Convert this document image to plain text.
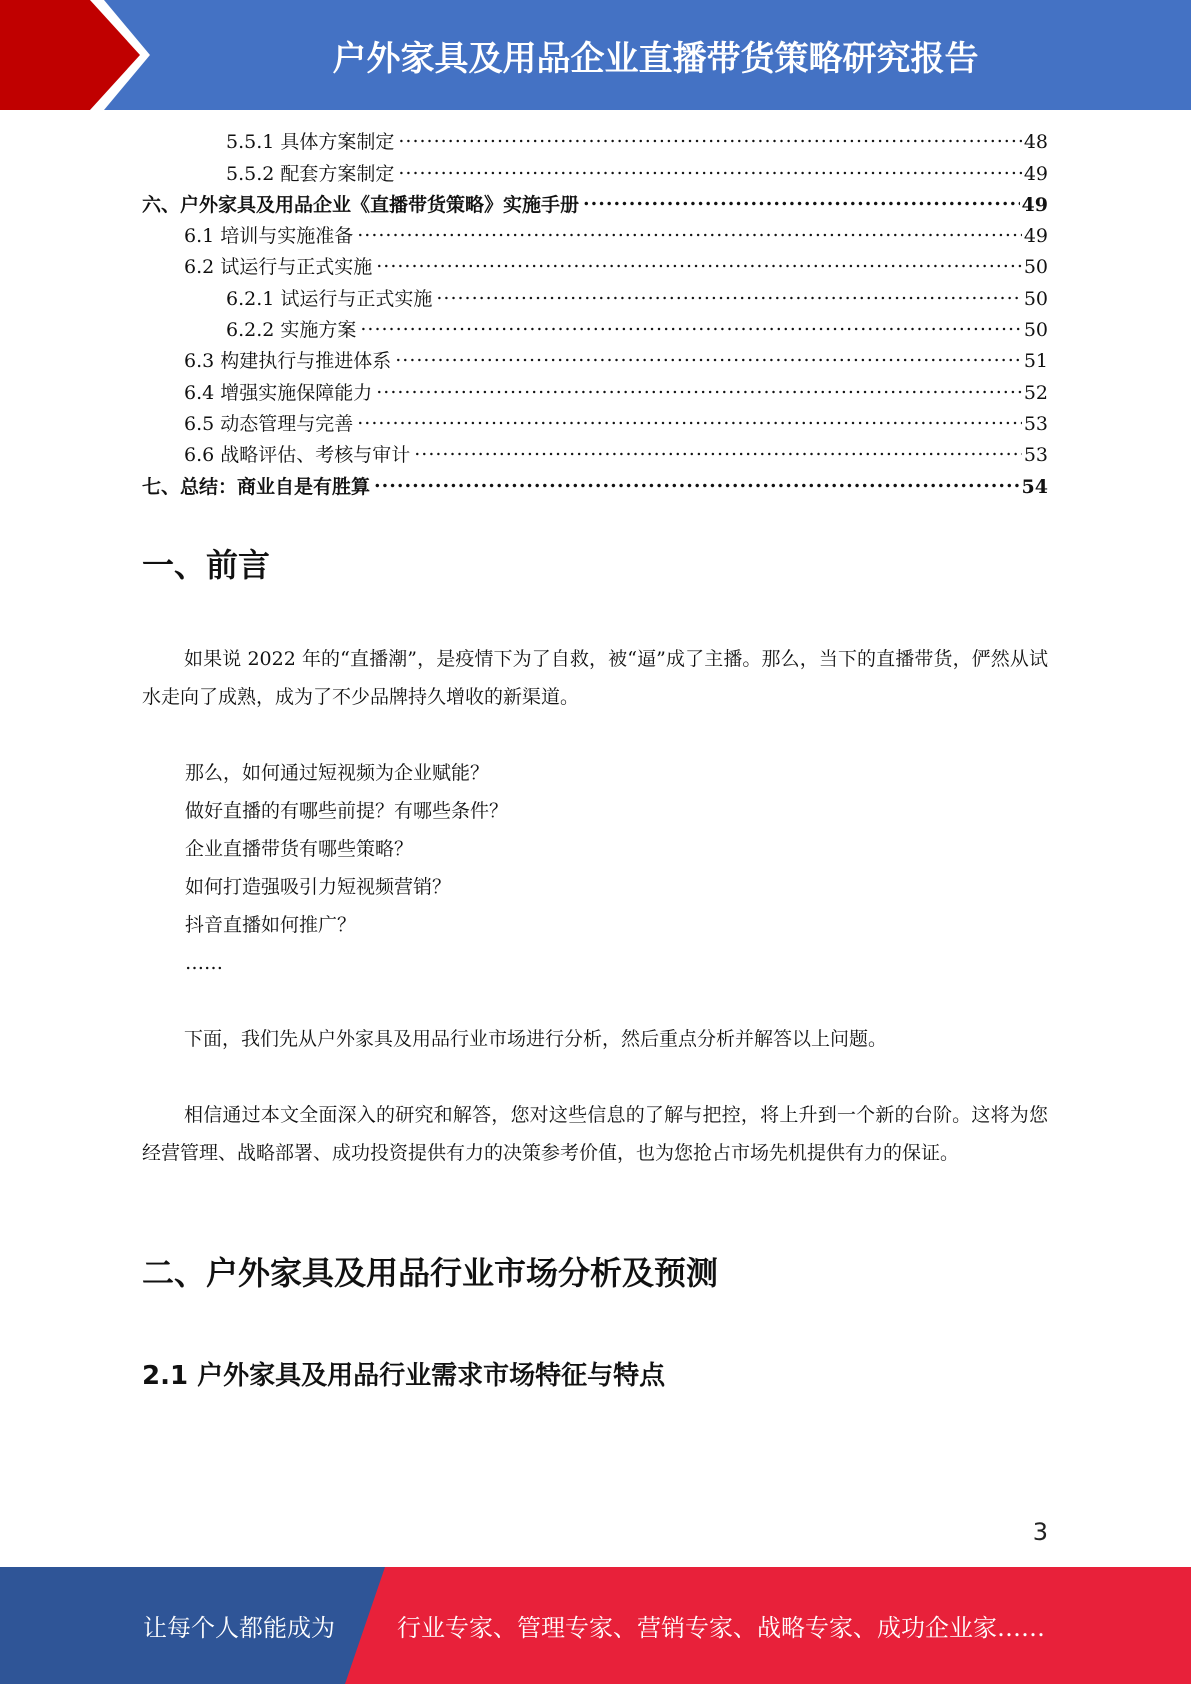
户外家具及用品企业直播带货策略研究报告
5.5.1 具体方案制定 .....	48
5.5.2 配套方案制定 .....	49
六、户外家具及用品企业《直播带货策略》实施手册 .....	49
6.1 培训与实施准备 .....	49
6.2 试运行与正式实施 .....	50
6.2.1 试运行与正式实施 .....	50
6.2.2 实施方案 .....	50
6.3 构建执行与推进体系 .....	51
6.4 增强实施保障能力 .....	52
6.5 动态管理与完善 .....	53
6.6 战略评估、考核与审计 .....	53
七、总结：商业自是有胜算 .....	54
一、前言

如果说 2022 年的“直播潮”，是疫情下为了自救，被“逼”成了主播。那么，当下的直播带货，俨然从试水走向了成熟，成为了不少品牌持久增收的新渠道。

那么，如何通过短视频为企业赋能？
做好直播的有哪些前提？有哪些条件？
企业直播带货有哪些策略？
如何打造强吸引力短视频营销？
抖音直播如何推广？
……

下面，我们先从户外家具及用品行业市场进行分析，然后重点分析并解答以上问题。

相信通过本文全面深入的研究和解答，您对这些信息的了解与把控，将上升到一个新的台阶。这将为您经营管理、战略部署、成功投资提供有力的决策参考价值，也为您抢占市场先机提供有力的保证。

二、户外家具及用品行业市场分析及预测
2.1 户外家具及用品行业需求市场特征与特点
3
让每个人都能成为	行业专家、管理专家、营销专家、战略专家、成功企业家……
